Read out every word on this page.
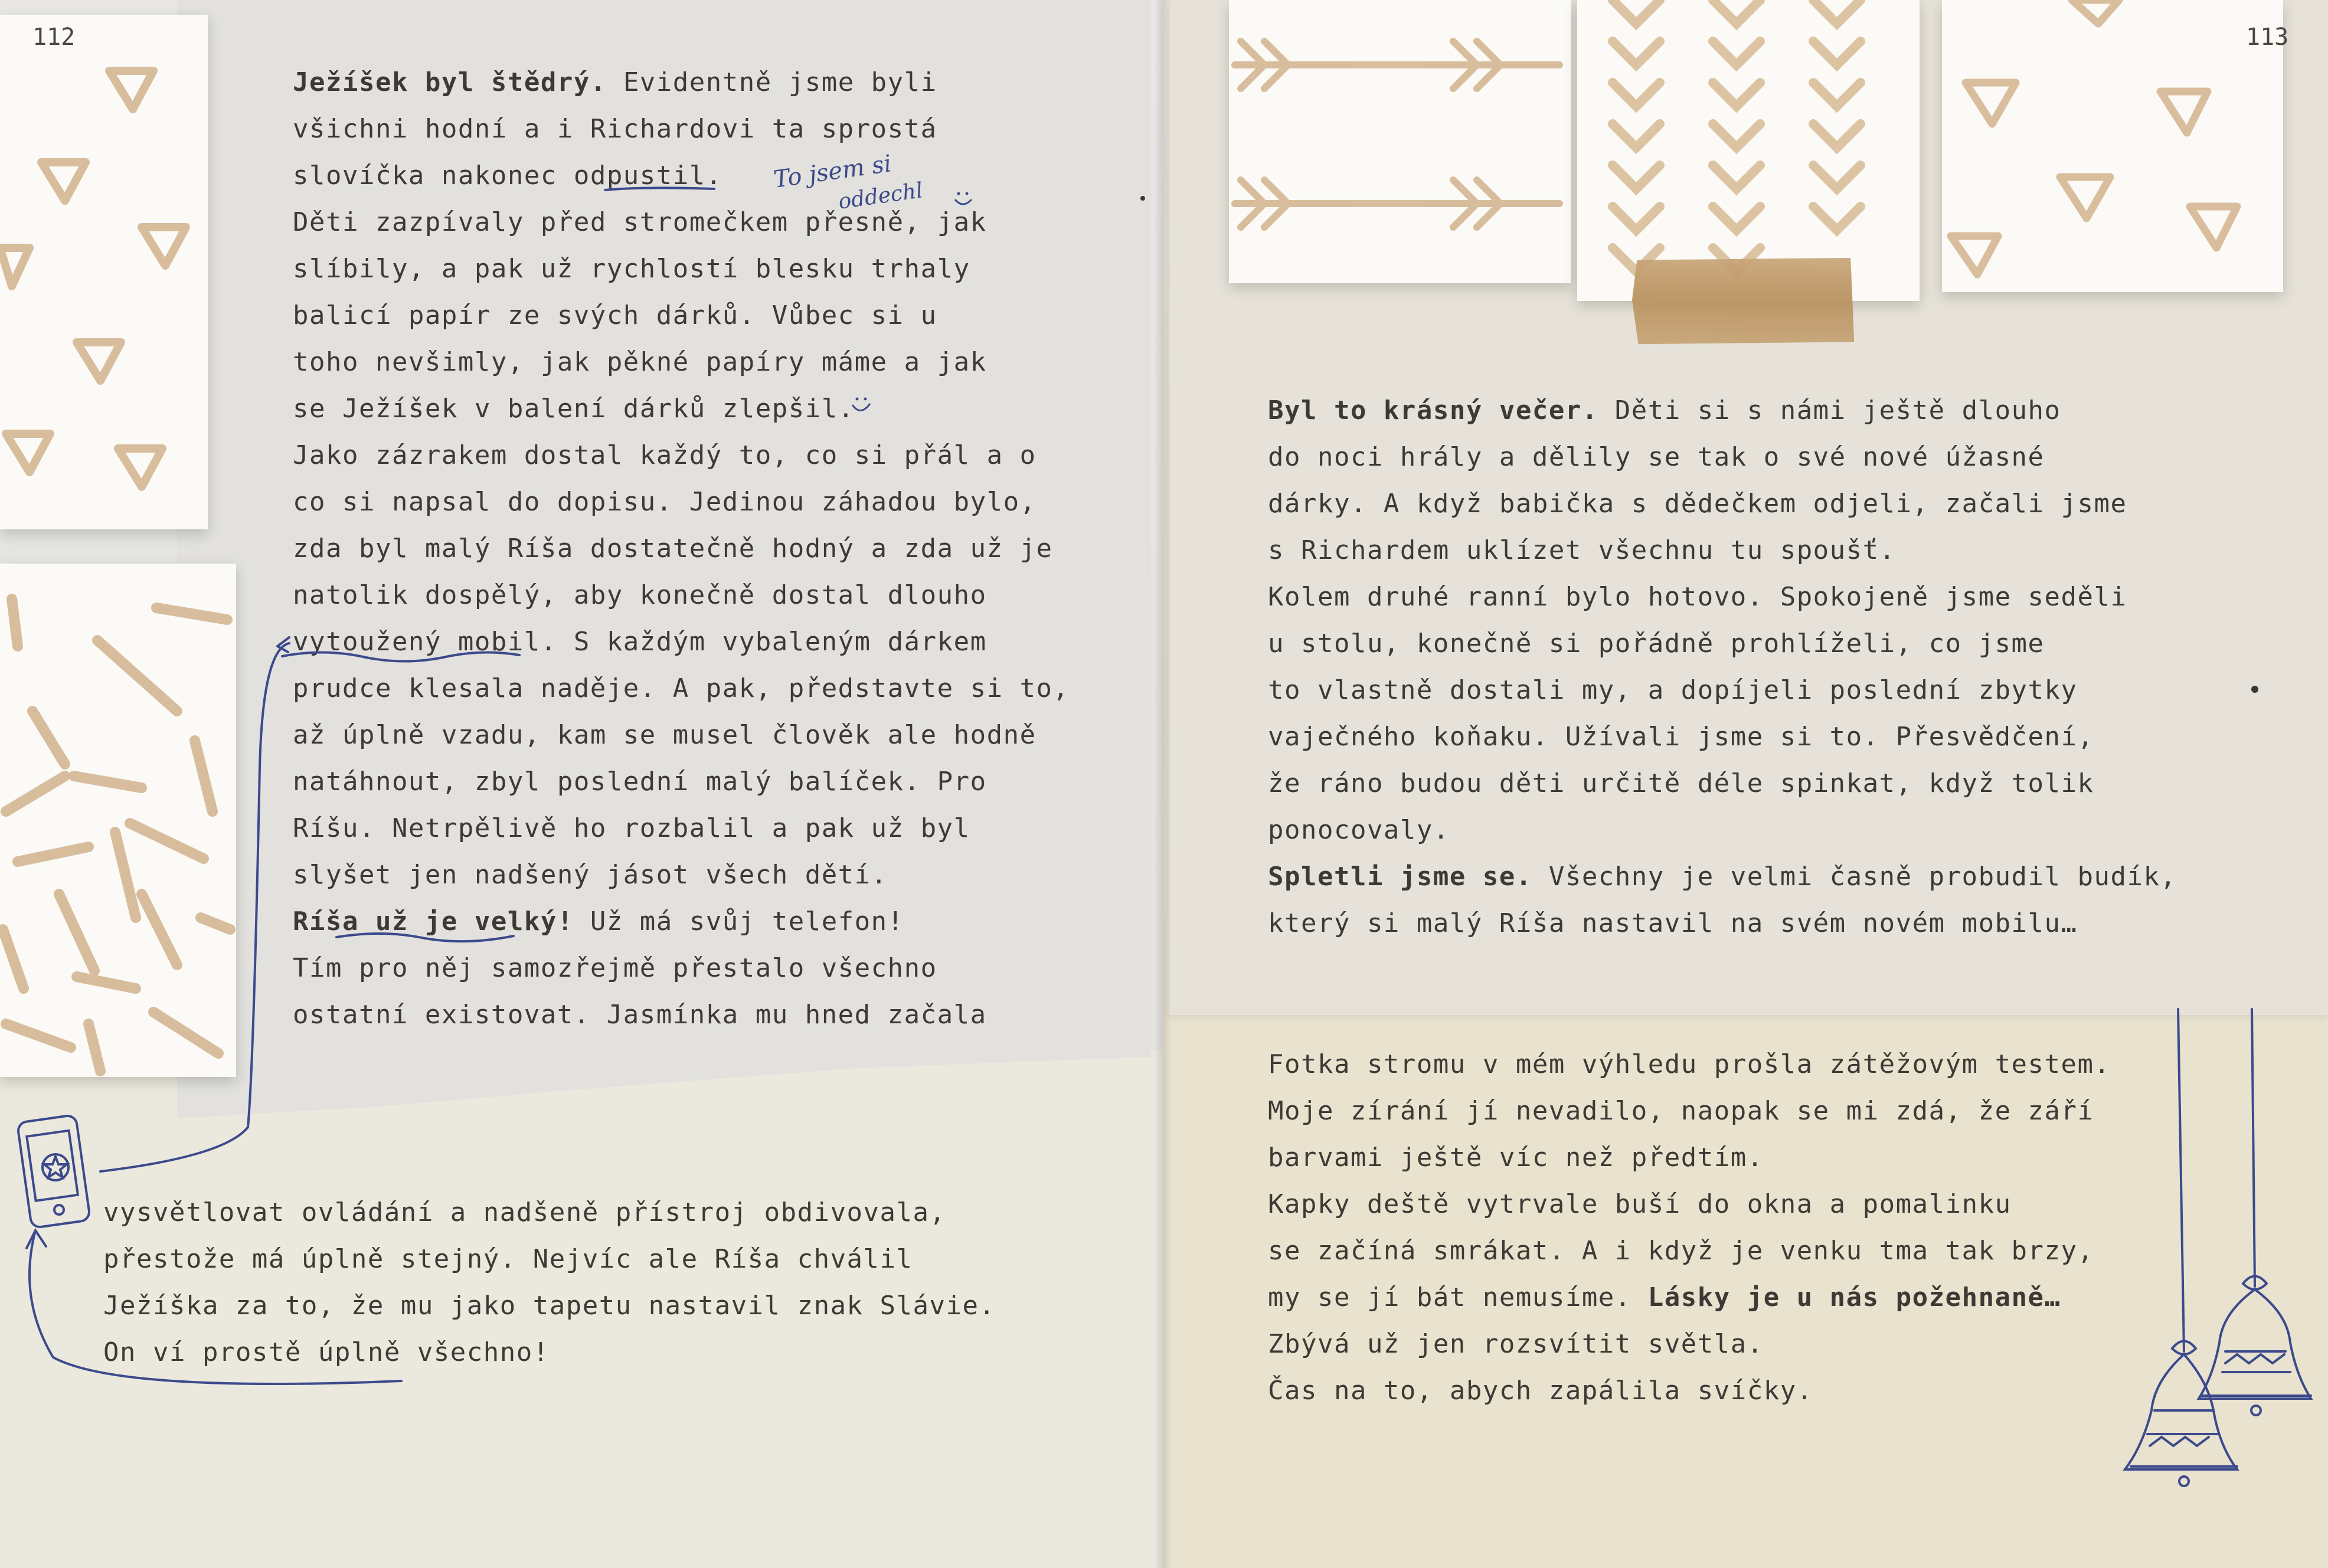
112	113
Ježíšek byl štědrý. Evidentně jsme byli
všichni hodní a i Richardovi ta sprostá
slovíčka nakonec odpustil.
Děti zazpívaly před stromečkem přesně, jak
slíbily, a pak už rychlostí blesku trhaly
balicí papír ze svých dárků. Vůbec si u
toho nevšimly, jak pěkné papíry máme a jak
se Ježíšek v balení dárků zlepšil.
Jako zázrakem dostal každý to, co si přál a o
co si napsal do dopisu. Jedinou záhadou bylo,
zda byl malý Ríša dostatečně hodný a zda už je
natolik dospělý, aby konečně dostal dlouho
vytoužený mobil. S každým vybaleným dárkem
prudce klesala naděje. A pak, představte si to,
až úplně vzadu, kam se musel člověk ale hodně
natáhnout, zbyl poslední malý balíček. Pro
Ríšu. Netrpělivě ho rozbalil a pak už byl
slyšet jen nadšený jásot všech dětí.
Ríša už je velký! Už má svůj telefon!
Tím pro něj samozřejmě přestalo všechno
ostatní existovat. Jasmínka mu hned začala
vysvětlovat ovládání a nadšeně přístroj obdivovala,
přestože má úplně stejný. Nejvíc ale Ríša chválil
Ježíška za to, že mu jako tapetu nastavil znak Slávie.
On ví prostě úplně všechno!
Byl to krásný večer. Děti si s námi ještě dlouho
do noci hrály a dělily se tak o své nové úžasné
dárky. A když babička s dědečkem odjeli, začali jsme
s Richardem uklízet všechnu tu spoušť.
Kolem druhé ranní bylo hotovo. Spokojeně jsme seděli
u stolu, konečně si pořádně prohlíželi, co jsme
to vlastně dostali my, a dopíjeli poslední zbytky
vaječného koňaku. Užívali jsme si to. Přesvědčení,
že ráno budou děti určitě déle spinkat, když tolik
ponocovaly.
Spletli jsme se. Všechny je velmi časně probudil budík,
který si malý Ríša nastavil na svém novém mobilu…
Fotka stromu v mém výhledu prošla zátěžovým testem.
Moje zírání jí nevadilo, naopak se mi zdá, že září
barvami ještě víc než předtím.
Kapky deště vytrvale buší do okna a pomalinku
se začíná smrákat. A i když je venku tma tak brzy,
my se jí bát nemusíme. Lásky je u nás požehnaně…
Zbývá už jen rozsvítit světla.
Čas na to, abych zapálila svíčky.
To jsem si
oddechl
